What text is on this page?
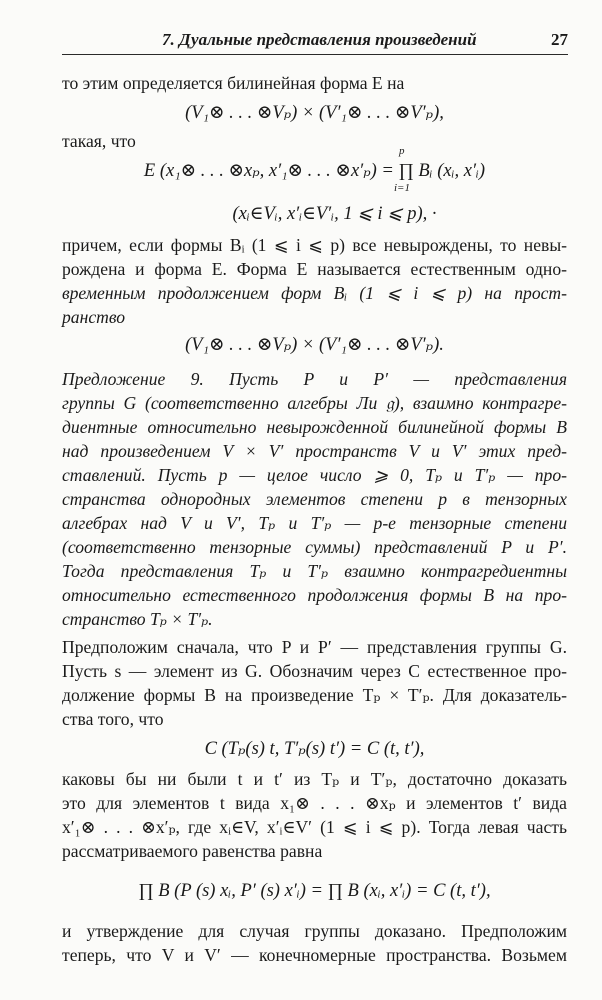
7. Дуальные представления произведений	27
то этим определяется билинейная форма E на
(V₁⊗ . . . ⊗Vₚ) × (V′₁⊗ . . . ⊗V′ₚ),
такая, что
E (x₁⊗ . . . ⊗xₚ, x′₁⊗ . . . ⊗x′ₚ) = ∏ Bᵢ (xᵢ, x′ᵢ)
p
i=1
(xᵢ∈Vᵢ, x′ᵢ∈V′ᵢ, 1 ⩽ i ⩽ p), ·
причем, если формы Bᵢ (1 ⩽ i ⩽ p) все невырождены, то невы-
рождена и форма E. Форма E называется естественным одно-
временным продолжением форм Bᵢ (1 ⩽ i ⩽ p) на прост-
ранство
(V₁⊗ . . . ⊗Vₚ) × (V′₁⊗ . . . ⊗V′ₚ).
Предложение 9. Пусть P и P′ — представления
группы G (соответственно алгебры Ли 𝔤), взаимно контрагре-
диентные относительно невырожденной билинейной формы B
над произведением V × V′ пространств V и V′ этих пред-
ставлений. Пусть p — целое число ⩾ 0, Tₚ и T′ₚ — про-
странства однородных элементов степени p в тензорных
алгебрах над V и V′, Tₚ и T′ₚ — p-е тензорные степени
(соответственно тензорные суммы) представлений P и P′.
Тогда представления Tₚ и T′ₚ взаимно контрагредиентны
относительно естественного продолжения формы B на про-
странство Tₚ × T′ₚ.
Предположим сначала, что P и P′ — представления группы G.
Пусть s — элемент из G. Обозначим через C естественное про-
должение формы B на произведение Tₚ × T′ₚ. Для доказатель-
ства того, что
C (Tₚ(s) t, T′ₚ(s) t′) = C (t, t′),
каковы бы ни были t и t′ из Tₚ и T′ₚ, достаточно доказать
это для элементов t вида x₁⊗ . . . ⊗xₚ и элементов t′ вида
x′₁⊗ . . . ⊗x′ₚ, где xᵢ∈V, x′ᵢ∈V′ (1 ⩽ i ⩽ p). Тогда левая часть
рассматриваемого равенства равна
∏ B (P (s) xᵢ, P′ (s) x′ᵢ) = ∏ B (xᵢ, x′ᵢ) = C (t, t′),
и утверждение для случая группы доказано. Предположим
теперь, что V и V′ — конечномерные пространства. Возьмем
